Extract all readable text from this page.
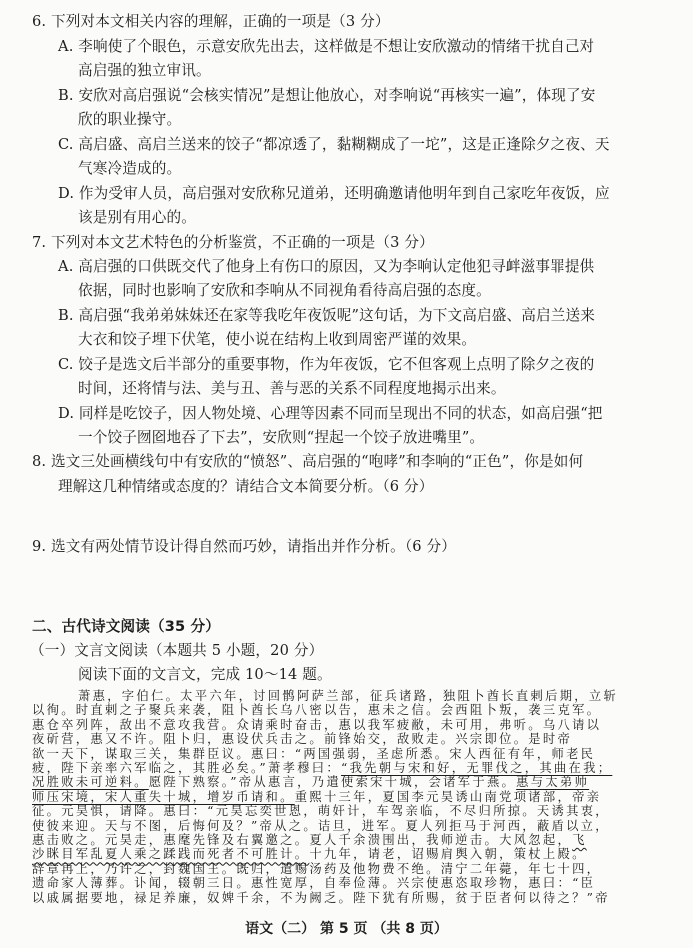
6. 下列对本文相关内容的理解，正确的一项是（3 分）
A. 李响使了个眼色，示意安欣先出去，这样做是不想让安欣激动的情绪干扰自己对
高启强的独立审讯。
B. 安欣对高启强说“会核实情况”是想让他放心，对李响说“再核实一遍”，体现了安
欣的职业操守。
C. 高启盛、高启兰送来的饺子“都凉透了，黏糊糊成了一坨”，这是正逢除夕之夜、天
气寒冷造成的。
D. 作为受审人员，高启强对安欣称兄道弟，还明确邀请他明年到自己家吃年夜饭，应
该是别有用心的。
7. 下列对本文艺术特色的分析鉴赏，不正确的一项是（3 分）
A. 高启强的口供既交代了他身上有伤口的原因，又为李响认定他犯寻衅滋事罪提供
依据，同时也影响了安欣和李响从不同视角看待高启强的态度。
B. 高启强“我弟弟妹妹还在家等我吃年夜饭呢”这句话，为下文高启盛、高启兰送来
大衣和饺子埋下伏笔，使小说在结构上收到周密严谨的效果。
C. 饺子是选文后半部分的重要事物，作为年夜饭，它不但客观上点明了除夕之夜的
时间，还将情与法、美与丑、善与恶的关系不同程度地揭示出来。
D. 同样是吃饺子，因人物处境、心理等因素不同而呈现出不同的状态，如高启强“把
一个饺子囫囵地吞了下去”，安欣则“捏起一个饺子放进嘴里”。
8. 选文三处画横线句中有安欣的“愤怒”、高启强的“咆哮”和李响的“正色”，你是如何
理解这几种情绪或态度的？请结合文本简要分析。（6 分）
9. 选文有两处情节设计得自然而巧妙，请指出并作分析。（6 分）
二、古代诗文阅读（35 分）
（一）文言文阅读（本题共 5 小题，20 分）
阅读下面的文言文，完成 10～14 题。
萧惠，字伯仁。太平六年，讨回鹘阿萨兰部，征兵诸路，独阻卜酋长直剌后期，立斩
以徇。时直剌之子聚兵来袭，阻卜酋长乌八密以告，惠未之信。会西阻卜叛，袭三克军。
惠仓卒列阵，敌出不意攻我营。众请乘时奋击，惠以我军疲敝，未可用，弗听。乌八请以
夜斫营，惠又不许。阻卜归，惠设伏兵击之。前锋始交，敌败走。兴宗即位。是时帝
欲一天下，谋取三关，集群臣议。惠曰：“两国强弱，圣虑所悉。宋人西征有年，师老民
疲，陛下亲率六军临之，其胜必矣。”萧孝穆曰：“我先朝与宋和好，无罪伐之，其曲在我；
况胜败未可逆料。愿陛下熟察。”帝从惠言，乃遣使索宋十城，会诸军于燕。惠与太弟帅
师压宋境，宋人重失十城，增岁币请和。重熙十三年，夏国李元昊诱山南党项诸部，帝亲
征。元昊惧，请降。惠曰：“元昊忘奕世恩，萌奸计，车驾亲临，不尽归所掠。天诱其衷，
语文（二） 第 5 页 （共 8 页）
使彼来迎。天与不图，后悔何及？”帝从之。诘旦，进军。夏人列拒马于河西，蔽盾以立，
惠击败之。元昊走，惠麾先锋及右翼邀之。夏人千余溃围出，我师逆击。大风忽起，飞
沙眯目军乱夏人乘之蹂践而死者不可胜计。十九年，请老，诏赐肩舆入朝，策杖上殿。
辞章再上，乃许之，封魏国王。既归，遣赐汤药及他物费不绝。清宁二年薨，年七十四，
遗命家人薄葬。讣闻，辍朝三日。惠性宽厚，自奉俭薄。兴宗使惠恣取珍物，惠曰：“臣
以戚属据要地，禄足养廉，奴婢千余，不为阙乏。陛下犹有所赐，贫于臣者何以待之？”帝
